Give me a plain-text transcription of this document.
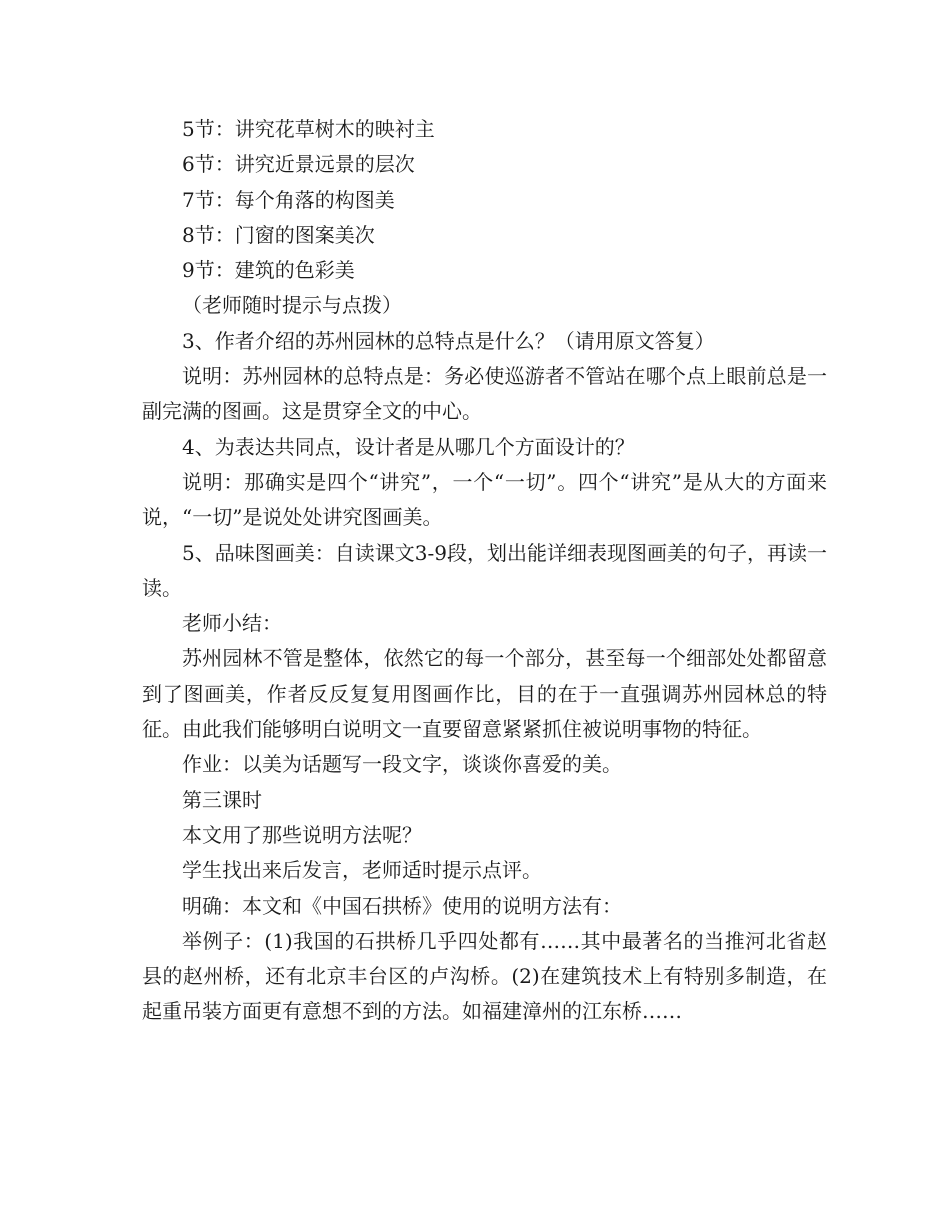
5节：讲究花草树木的映衬主

6节：讲究近景远景的层次

7节：每个角落的构图美

8节：门窗的图案美次

9节：建筑的色彩美

（老师随时提示与点拨）

3、作者介绍的苏州园林的总特点是什么？（请用原文答复）

说明：苏州园林的总特点是：务必使巡游者不管站在哪个点上眼前总是一副完满的图画。这是贯穿全文的中心。

4、为表达共同点，设计者是从哪几个方面设计的？

说明：那确实是四个“讲究”，一个“一切”。四个“讲究”是从大的方面来说，“一切”是说处处讲究图画美。

5、品味图画美：自读课文3-9段，划出能详细表现图画美的句子，再读一读。

老师小结：

苏州园林不管是整体，依然它的每一个部分，甚至每一个细部处处都留意到了图画美，作者反反复复用图画作比，目的在于一直强调苏州园林总的特征。由此我们能够明白说明文一直要留意紧紧抓住被说明事物的特征。

作业：以美为话题写一段文字，谈谈你喜爱的美。

第三课时

本文用了那些说明方法呢？

学生找出来后发言，老师适时提示点评。

明确：本文和《中国石拱桥》使用的说明方法有：

举例子：(1)我国的石拱桥几乎四处都有……其中最著名的当推河北省赵县的赵州桥，还有北京丰台区的卢沟桥。(2)在建筑技术上有特别多制造，在起重吊装方面更有意想不到的方法。如福建漳州的江东桥……
